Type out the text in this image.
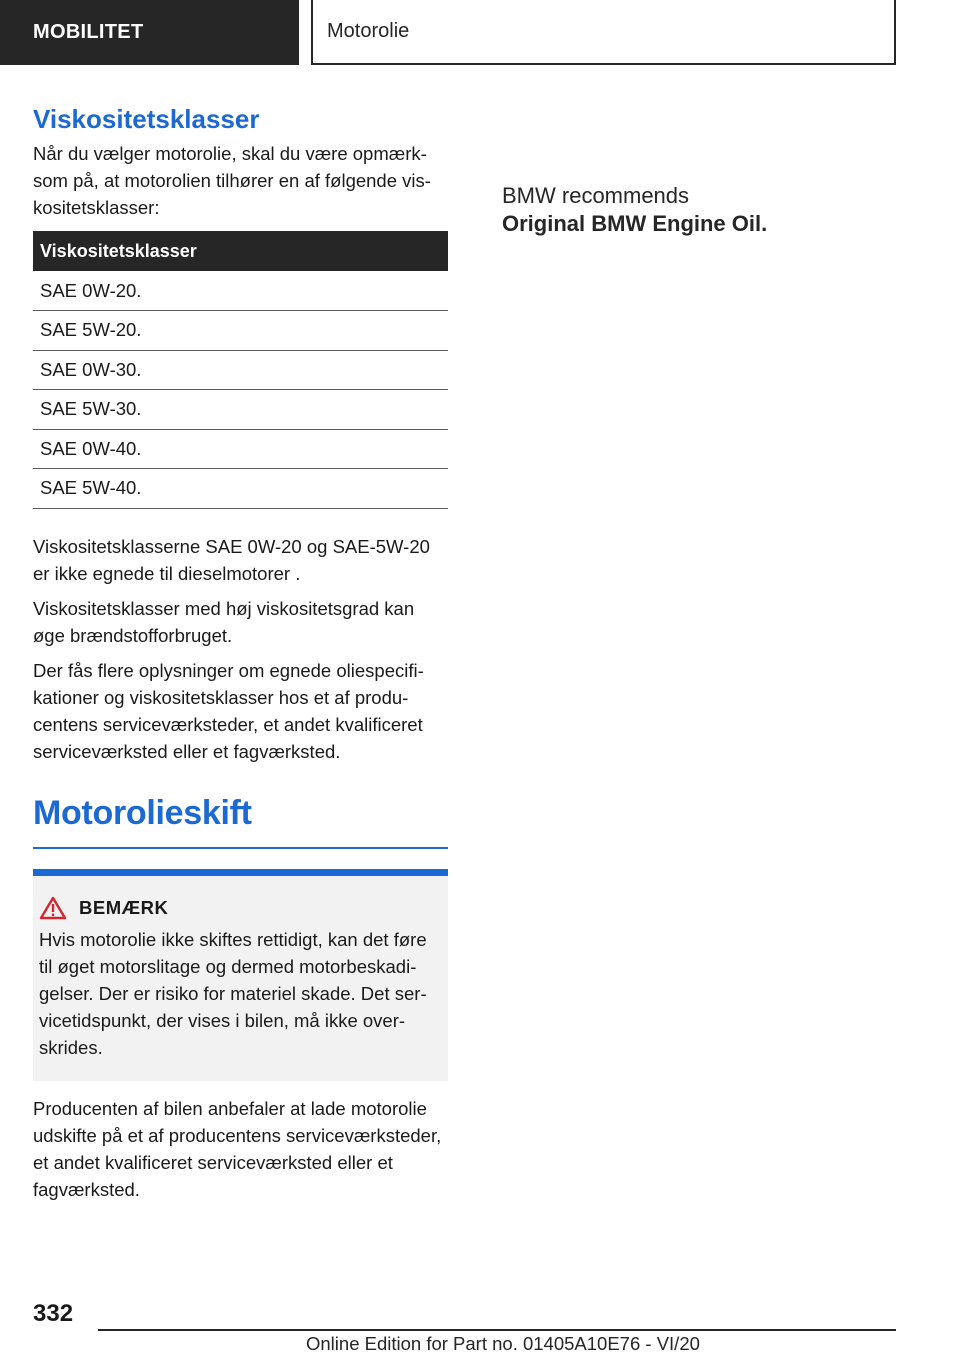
MOBILITET	Motorolie
Viskositetsklasser

Når du vælger motorolie, skal du være opmærksom på, at motorolien tilhører en af følgende viskositetsklasser:

Viskositetsklasser
SAE 0W-20.
SAE 5W-20.
SAE 0W-30.
SAE 5W-30.
SAE 0W-40.
SAE 5W-40.

Viskositetsklasserne SAE 0W-20 og SAE-5W-20 er ikke egnede til dieselmotorer .

Viskositetsklasser med høj viskositetsgrad kan øge brændstofforbruget.

Der fås flere oplysninger om egnede oliespecifikationer og viskositetsklasser hos et af producentens serviceværksteder, et andet kvalificeret serviceværksted eller et fagværksted.

Motorolieskift
BEMÆRK

Hvis motorolie ikke skiftes rettidigt, kan det føre til øget motorslitage og dermed motorbeskadigelser. Der er risiko for materiel skade. Det servicetidspunkt, der vises i bilen, må ikke overskrides.

Producenten af bilen anbefaler at lade motorolie udskifte på et af producentens serviceværksteder, et andet kvalificeret serviceværksted eller et fagværksted.

BMW recommends
Original BMW Engine Oil.
332
Online Edition for Part no. 01405A10E76 - VI/20
